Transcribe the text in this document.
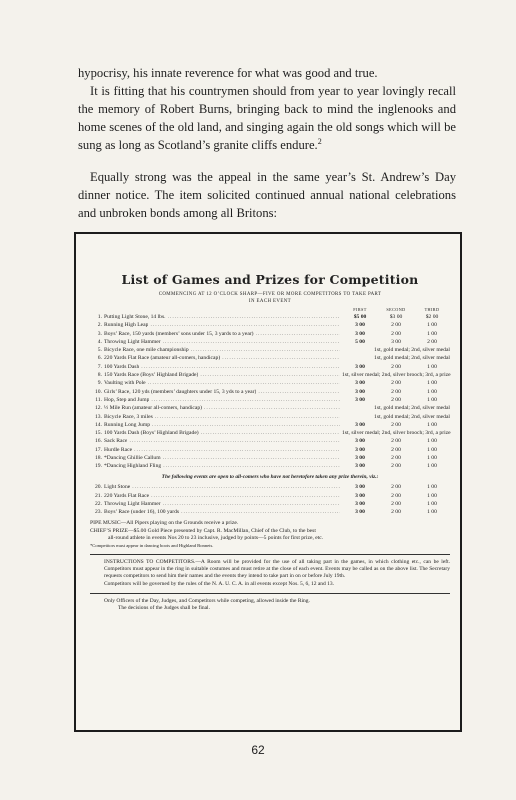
hypocrisy, his innate reverence for what was good and true.

It is fitting that his countrymen should from year to year lovingly recall the memory of Robert Burns, bringing back to mind the inglenooks and home scenes of the old land, and singing again the old songs which will be sung as long as Scotland’s granite cliffs endure.$^2$

Equally strong was the appeal in the same year’s St. Andrew’s Day dinner notice. The item solicited continued annual national celebrations and unbroken bonds among all Britons:

List of Games and Prizes for Competition
COMMENCING AT 12 O’CLOCK SHARP—FIVE OR MORE COMPETITORS TO TAKE PART
IN EACH EVENT
FIRST	SECOND	THIRD
1. Putting Light Stone, 14 lbs. .....	$5 00	$3 00	$2 00
2. Running High Leap .....	3 00	2 00	1 00
3. Boys’ Race, 150 yards (members’ sons under 15, 3 yards to a year) .....	3 00	2 00	1 00
4. Throwing Light Hammer .....	5 00	3 00	2 00
5. Bicycle Race, one mile championship .....	1st, gold medal; 2nd, silver medal
6. 220 Yards Flat Race (amateur all-comers, handicap) .....	1st, gold medal; 2nd, silver medal
7. 100 Yards Dash .....	3 00	2 00	1 00
8. 150 Yards Race (Boys’ Highland Brigade) .....	1st, silver medal; 2nd, silver brooch; 3rd, a prize
9. Vaulting with Pole .....	3 00	2 00	1 00
10. Girls’ Race, 120 yds (members’ daughters under 15, 3 yds to a year) .....	3 00	2 00	1 00
11. Hop, Step and Jump .....	3 00	2 00	1 00
12. ½ Mile Run (amateur all-comers, handicap) .....	1st, gold medal; 2nd, silver medal
13. Bicycle Race, 3 miles .....	1st, gold medal; 2nd, silver medal
14. Running Long Jump .....	3 00	2 00	1 00
15. 100 Yards Dash (Boys’ Highland Brigade) .....	1st, silver medal; 2nd, silver brooch; 3rd, a prize
16. Sack Race .....	3 00	2 00	1 00
17. Hurdle Race .....	3 00	2 00	1 00
18. *Dancing Ghillie Callum .....	3 00	2 00	1 00
19. *Dancing Highland Fling .....	3 00	2 00	1 00
The following events are open to all-comers who have not heretofore taken any prize therein, viz.:
20. Light Stone .....	3 00	2 00	1 00
21. 220 Yards Flat Race .....	3 00	2 00	1 00
22. Throwing Light Hammer .....	3 00	2 00	1 00
23. Boys’ Race (under 16), 100 yards .....	3 00	2 00	1 00
PIPE MUSIC—All Pipers playing on the Grounds receive a prize.
CHIEF’S PRIZE—$5.00 Gold Piece presented by Capt. R. MacMillan, Chief of the Club, to the best
all-round athlete in events Nos 20 to 23 inclusive, judged by points—5 points for first prize, etc.
*Competitors must appear in dancing boots and Highland Bonnets.
INSTRUCTIONS TO COMPETITORS.—A Room will be provided for the use of all taking part in the games, in which clothing etc., can be left. Competitors must appear in the ring in suitable costumes and must retire at the close of each event. Events may be called as on the above list. The Secretary requests competitors to send him their names and the events they intend to take part in on or before July 19th.
Competitors will be governed by the rules of the N. A. U. C. A. in all events except Nos. 5, 6, 12 and 13.
Only Officers of the Day, Judges, and Competitors while competing, allowed inside the Ring.
The decisions of the Judges shall be final.
62
